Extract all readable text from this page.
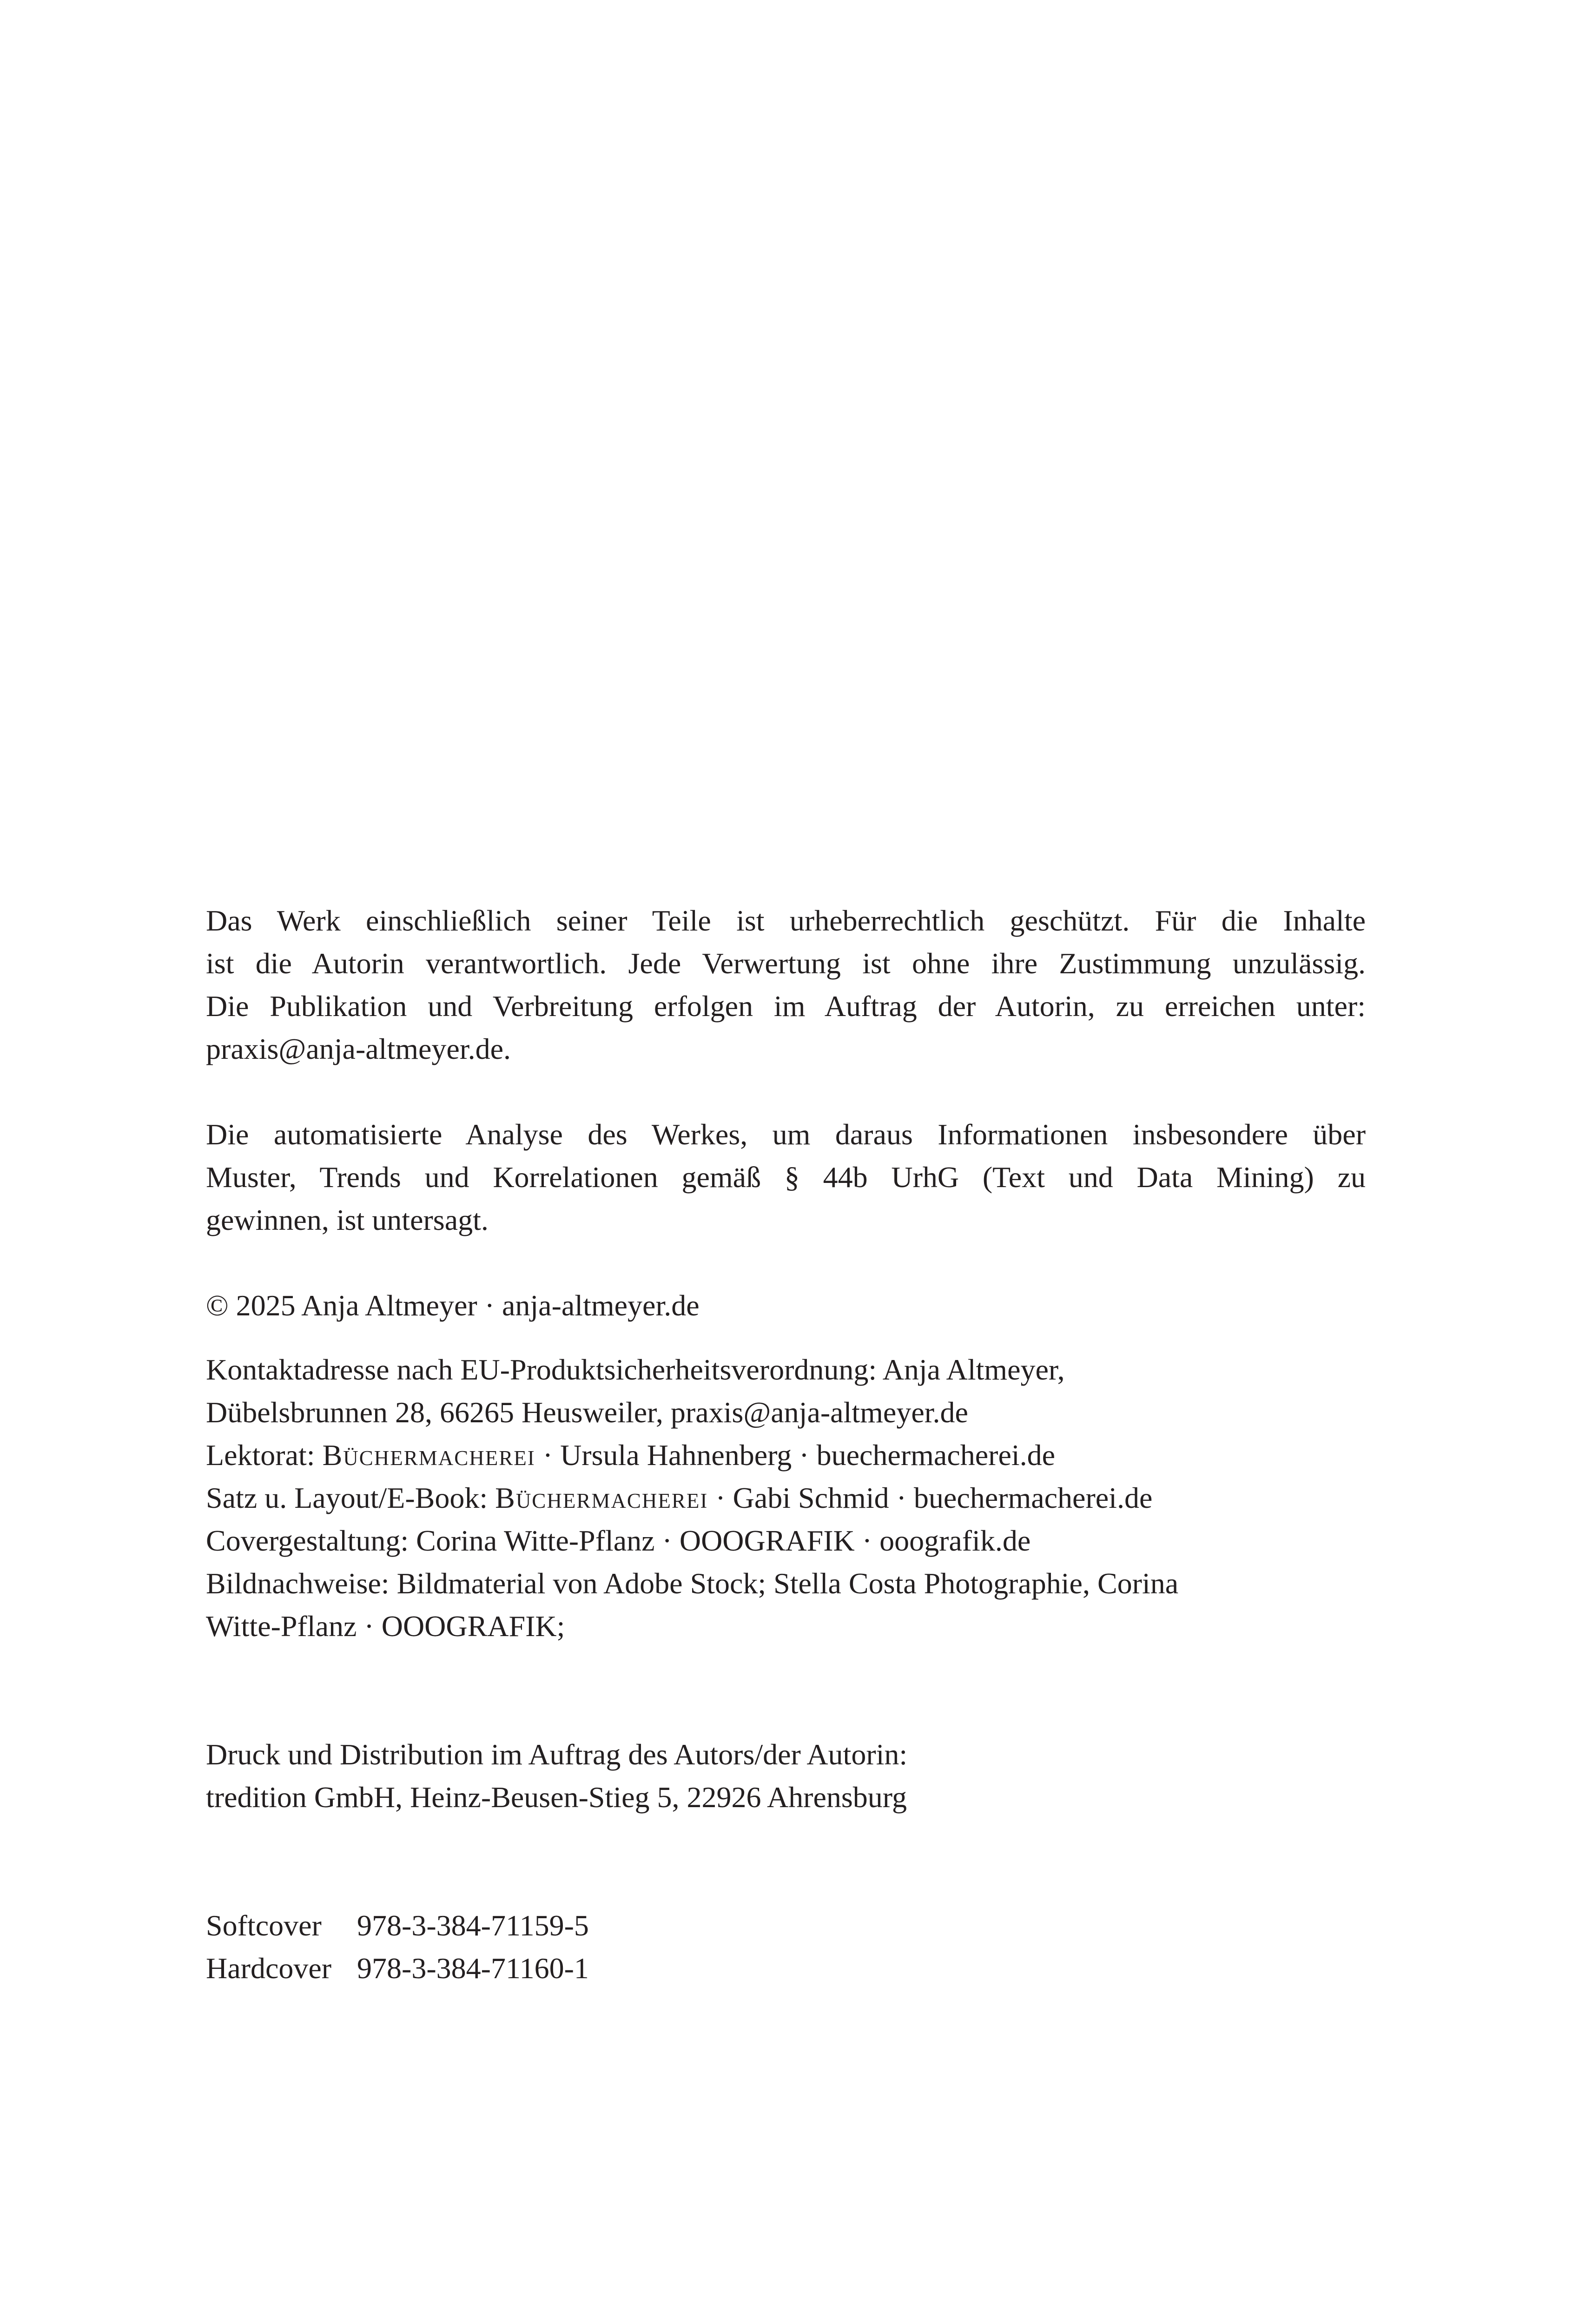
Das Werk einschließlich seiner Teile ist urheberrechtlich geschützt. Für die Inhalte
ist die Autorin verantwortlich. Jede Verwertung ist ohne ihre Zustimmung unzulässig.
Die Publikation und Verbreitung erfolgen im Auftrag der Autorin, zu erreichen unter:
praxis@anja-altmeyer.de.

Die automatisierte Analyse des Werkes, um daraus Informationen insbesondere über
Muster, Trends und Korrelationen gemäß § 44b UrhG (Text und Data Mining) zu
gewinnen, ist untersagt.

© 2025 Anja Altmeyer · anja-altmeyer.de

Kontaktadresse nach EU-Produktsicherheitsverordnung: Anja Altmeyer,
Dübelsbrunnen 28, 66265 Heusweiler, praxis@anja-altmeyer.de
Lektorat: Büchermacherei · Ursula Hahnenberg · buechermacherei.de
Satz u. Layout/E-Book: Büchermacherei · Gabi Schmid · buechermacherei.de
Covergestaltung: Corina Witte-Pflanz · OOOGRAFIK · ooografik.de
Bildnachweise: Bildmaterial von Adobe Stock; Stella Costa Photographie, Corina
Witte-Pflanz · OOOGRAFIK;

Druck und Distribution im Auftrag des Autors/der Autorin:
tredition GmbH, Heinz-Beusen-Stieg 5, 22926 Ahrensburg

Softcover 978-3-384-71159-5
Hardcover 978-3-384-71160-1
